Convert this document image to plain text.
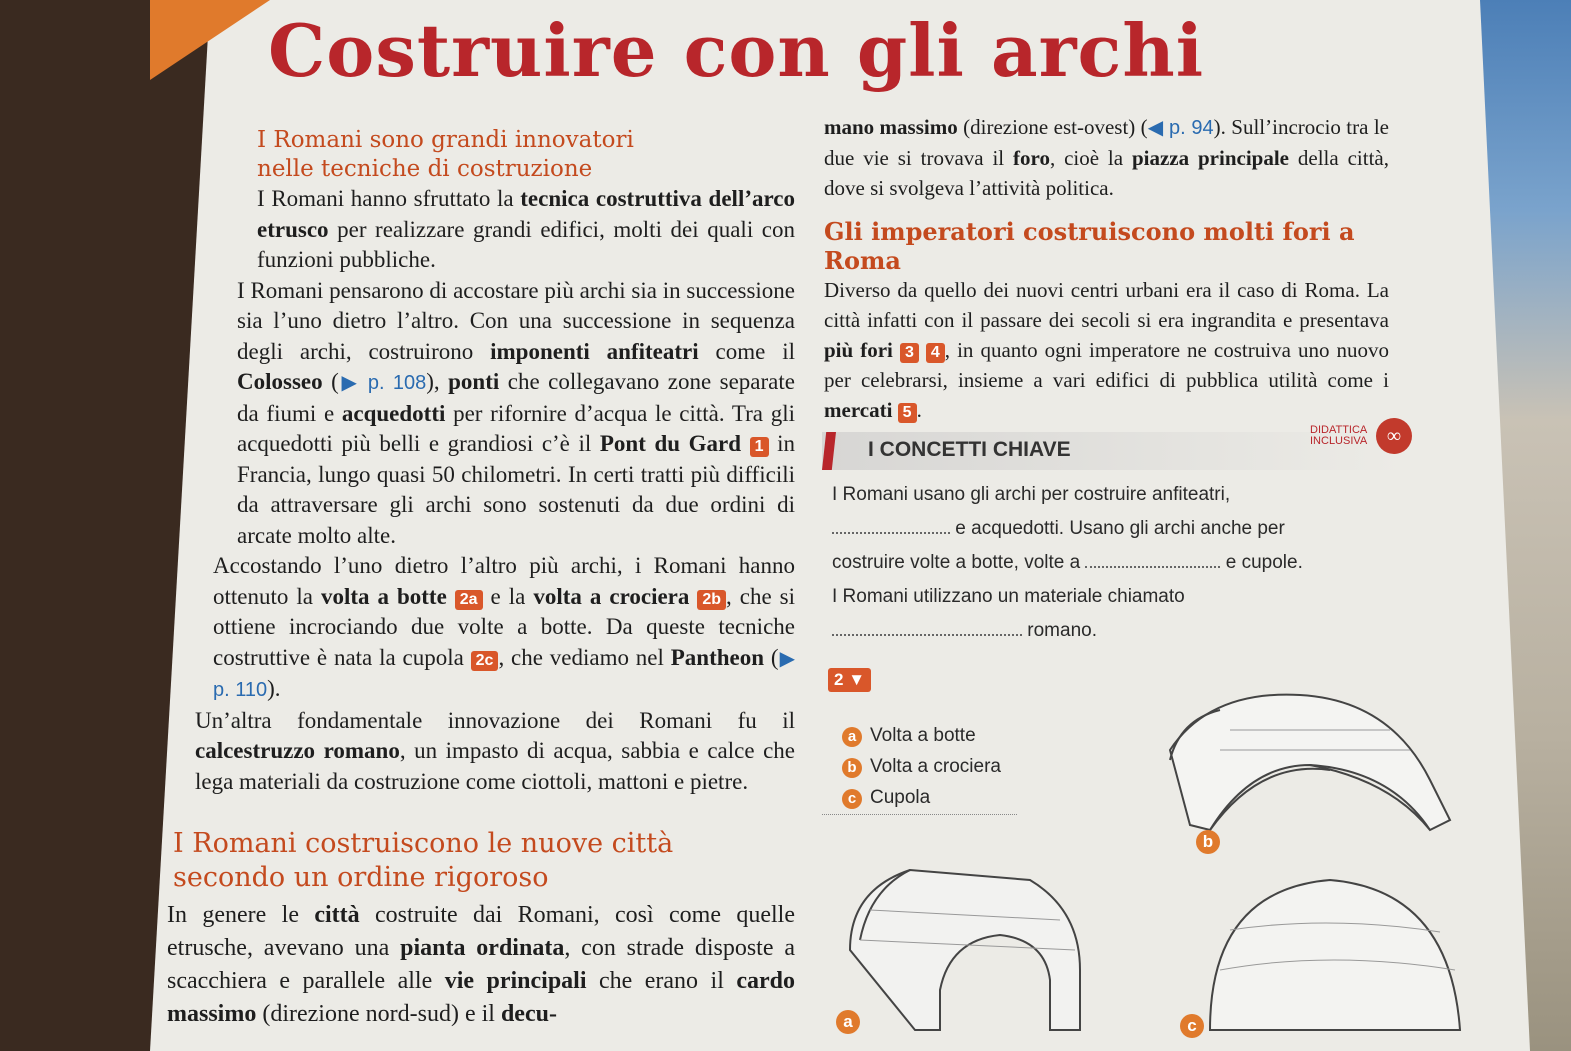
Costruire con gli archi
I Romani sono grandi innovatori
nelle tecniche di costruzione

I Romani hanno sfruttato la tecnica costruttiva dell’arco etrusco per realizzare grandi edifici, molti dei quali con funzioni pubbliche.

I Romani pensarono di accostare più archi sia in successione sia l’uno dietro l’altro. Con una successione in sequenza degli archi, costruirono imponenti anfiteatri come il Colosseo (▶ p. 108), ponti che collegavano zone separate da fiumi e acquedotti per rifornire d’acqua le città. Tra gli acquedotti più belli e grandiosi c’è il Pont du Gard 1 in Francia, lungo quasi 50 chilometri. In certi tratti più difficili da attraversare gli archi sono sostenuti da due ordini di arcate molto alte.

Accostando l’uno dietro l’altro più archi, i Romani hanno ottenuto la volta a botte 2a e la volta a crociera 2b , che si ottiene incrociando due volte a botte. Da queste tecniche costruttive è nata la cupola 2c , che vediamo nel Pantheon (▶ p. 110).

Un’altra fondamentale innovazione dei Romani fu il calcestruzzo romano, un impasto di acqua, sabbia e calce che lega materiali da costruzione come ciottoli, mattoni e pietre.

I Romani costruiscono le nuove città
secondo un ordine rigoroso

In genere le città costruite dai Romani, così come quelle etrusche, avevano una pianta ordinata, con strade disposte a scacchiera e parallele alle vie principali che erano il cardo massimo (direzione nord-sud) e il decu-

mano massimo (direzione est-ovest) (◀ p. 94). Sull’incrocio tra le due vie si trovava il foro, cioè la piazza principale della città, dove si svolgeva l’attività politica.

Gli imperatori costruiscono molti fori a Roma

Diverso da quello dei nuovi centri urbani era il caso di Roma. La città infatti con il passare dei secoli si era ingrandita e presentava più fori 3 4 , in quanto ogni imperatore ne costruiva uno nuovo per celebrarsi, insieme a vari edifici di pubblica utilità come i mercati 5 .

I CONCETTI CHIAVE
DIDATTICA
INCLUSIVA ∞
I Romani usano gli archi per costruire anfiteatri,
e acquedotti. Usano gli archi anche per
costruire volte a botte, volte a	e cupole.
I Romani utilizzano un materiale chiamato
romano.
2 ▼
a Volta a botte
b Volta a crociera
c Cupola
b
a	c
